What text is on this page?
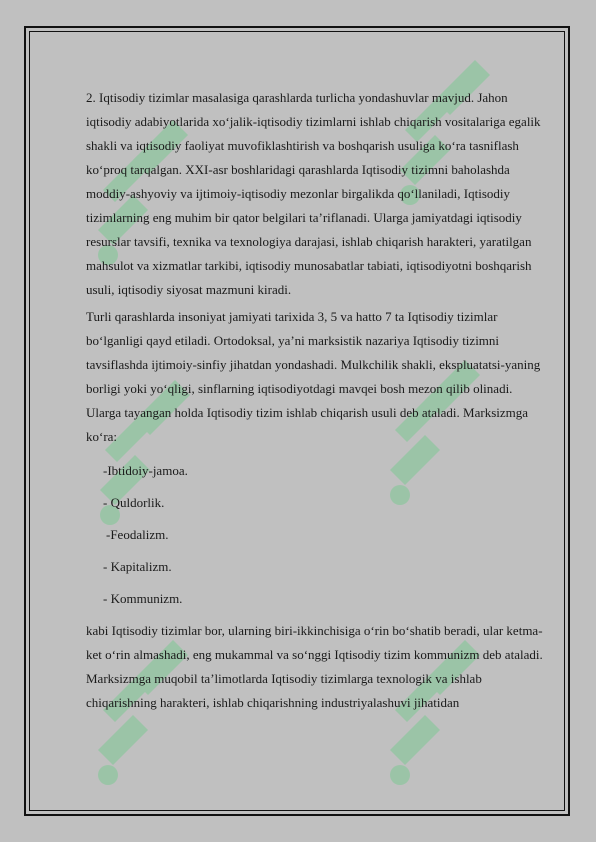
2. Iqtisodiy tizimlar masalasiga qarashlarda turlicha yondashuvlar mavjud. Jahon iqtisodiy adabiyotlarida xo‘jalik-iqtisodiy tizimlarni ishlab chiqarish vositalariga egalik shakli va iqtisodiy faoliyat muvofiklashtirish va boshqarish usuliga ko‘ra tasniflash ko‘proq tarqalgan. XXI-asr boshlaridagi qarashlarda Iqtisodiy tizimni baholashda moddiy-ashyoviy va ijtimoiy-iqtisodiy mezonlar birgalikda qo‘llaniladi, Iqtisodiy tizimlarning eng muhim bir qator belgilari ta’riflanadi. Ularga jamiyatdagi iqtisodiy resurslar tavsifi, texnika va texnologiya darajasi, ishlab chiqarish harakteri, yaratilgan mahsulot va xizmatlar tarkibi, iqtisodiy munosabatlar tabiati, iqtisodiyotni boshqarish usuli, iqtisodiy siyosat mazmuni kiradi.

Turli qarashlarda insoniyat jamiyati tarixida 3, 5 va hatto 7 ta Iqtisodiy tizimlar bo‘lganligi qayd etiladi. Ortodoksal, ya’ni marksistik nazariya Iqtisodiy tizimni tavsiflashda ijtimoiy-sinfiy jihatdan yondashadi. Mulkchilik shakli, ekspluatatsi-yaning borligi yoki yo‘qligi, sinflarning iqtisodiyotdagi mavqei bosh mezon qilib olinadi. Ularga tayangan holda Iqtisodiy tizim ishlab chiqarish usuli deb ataladi. Marksizmga ko‘ra:

-Ibtidoiy-jamoa.

- Quldorlik.

-Feodalizm.

- Kapitalizm.

- Kommunizm.

kabi Iqtisodiy tizimlar bor, ularning biri-ikkinchisiga o‘rin bo‘shatib beradi, ular ketma-ket o‘rin almashadi, eng mukammal va so‘nggi Iqtisodiy tizim kommunizm deb ataladi. Marksizmga muqobil ta’limotlarda Iqtisodiy tizimlarga texnologik va ishlab chiqarishning harakteri, ishlab chiqarishning industriyalashuvi jihatidan
